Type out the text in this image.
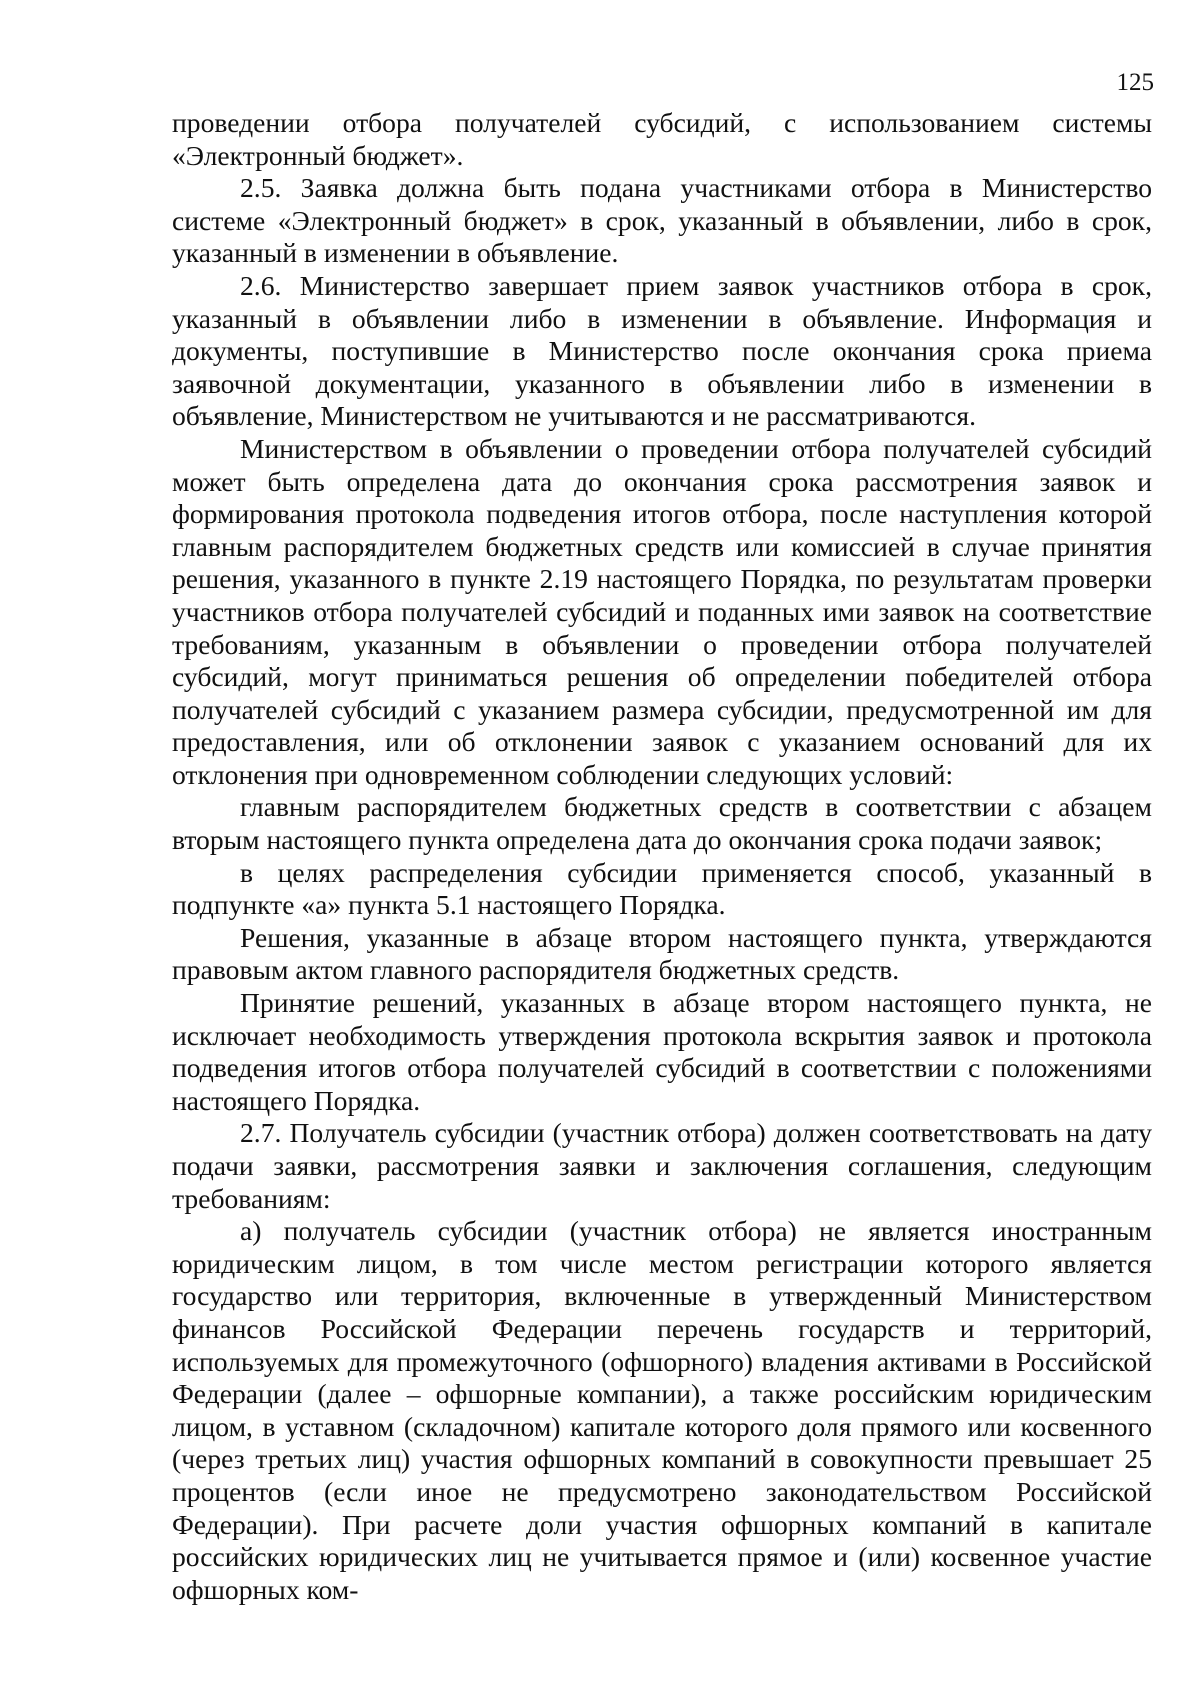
125

проведении отбора получателей субсидий, с использованием системы «Электронный бюджет».

2.5. Заявка должна быть подана участниками отбора в Министерство системе «Электронный бюджет» в срок, указанный в объявлении, либо в срок, указанный в изменении в объявление.

2.6. Министерство завершает прием заявок участников отбора в срок, указанный в объявлении либо в изменении в объявление. Информация и документы, поступившие в Министерство после окончания срока приема заявочной документации, указанного в объявлении либо в изменении в объявление, Министерством не учитываются и не рассматриваются.

Министерством в объявлении о проведении отбора получателей субсидий может быть определена дата до окончания срока рассмотрения заявок и формирования протокола подведения итогов отбора, после наступления которой главным распорядителем бюджетных средств или комиссией в случае принятия решения, указанного в пункте 2.19 настоящего Порядка, по результатам проверки участников отбора получателей субсидий и поданных ими заявок на соответствие требованиям, указанным в объявлении о проведении отбора получателей субсидий, могут приниматься решения об определении победителей отбора получателей субсидий с указанием размера субсидии, предусмотренной им для предоставления, или об отклонении заявок с указанием оснований для их отклонения при одновременном соблюдении следующих условий:

главным распорядителем бюджетных средств в соответствии с абзацем вторым настоящего пункта определена дата до окончания срока подачи заявок;

в целях распределения субсидии применяется способ, указанный в подпункте «а» пункта 5.1 настоящего Порядка.

Решения, указанные в абзаце втором настоящего пункта, утверждаются правовым актом главного распорядителя бюджетных средств.

Принятие решений, указанных в абзаце втором настоящего пункта, не исключает необходимость утверждения протокола вскрытия заявок и протокола подведения итогов отбора получателей субсидий в соответствии с положениями настоящего Порядка.

2.7. Получатель субсидии (участник отбора) должен соответствовать на дату подачи заявки, рассмотрения заявки и заключения соглашения, следующим требованиям:

а) получатель субсидии (участник отбора) не является иностранным юридическим лицом, в том числе местом регистрации которого является государство или территория, включенные в утвержденный Министерством финансов Российской Федерации перечень государств и территорий, используемых для промежуточного (офшорного) владения активами в Российской Федерации (далее – офшорные компании), а также российским юридическим лицом, в уставном (складочном) капитале которого доля прямого или косвенного (через третьих лиц) участия офшорных компаний в совокупности превышает 25 процентов (если иное не предусмотрено законодательством Российской Федерации). При расчете доли участия офшорных компаний в капитале российских юридических лиц не учитывается прямое и (или) косвенное участие офшорных ком-
